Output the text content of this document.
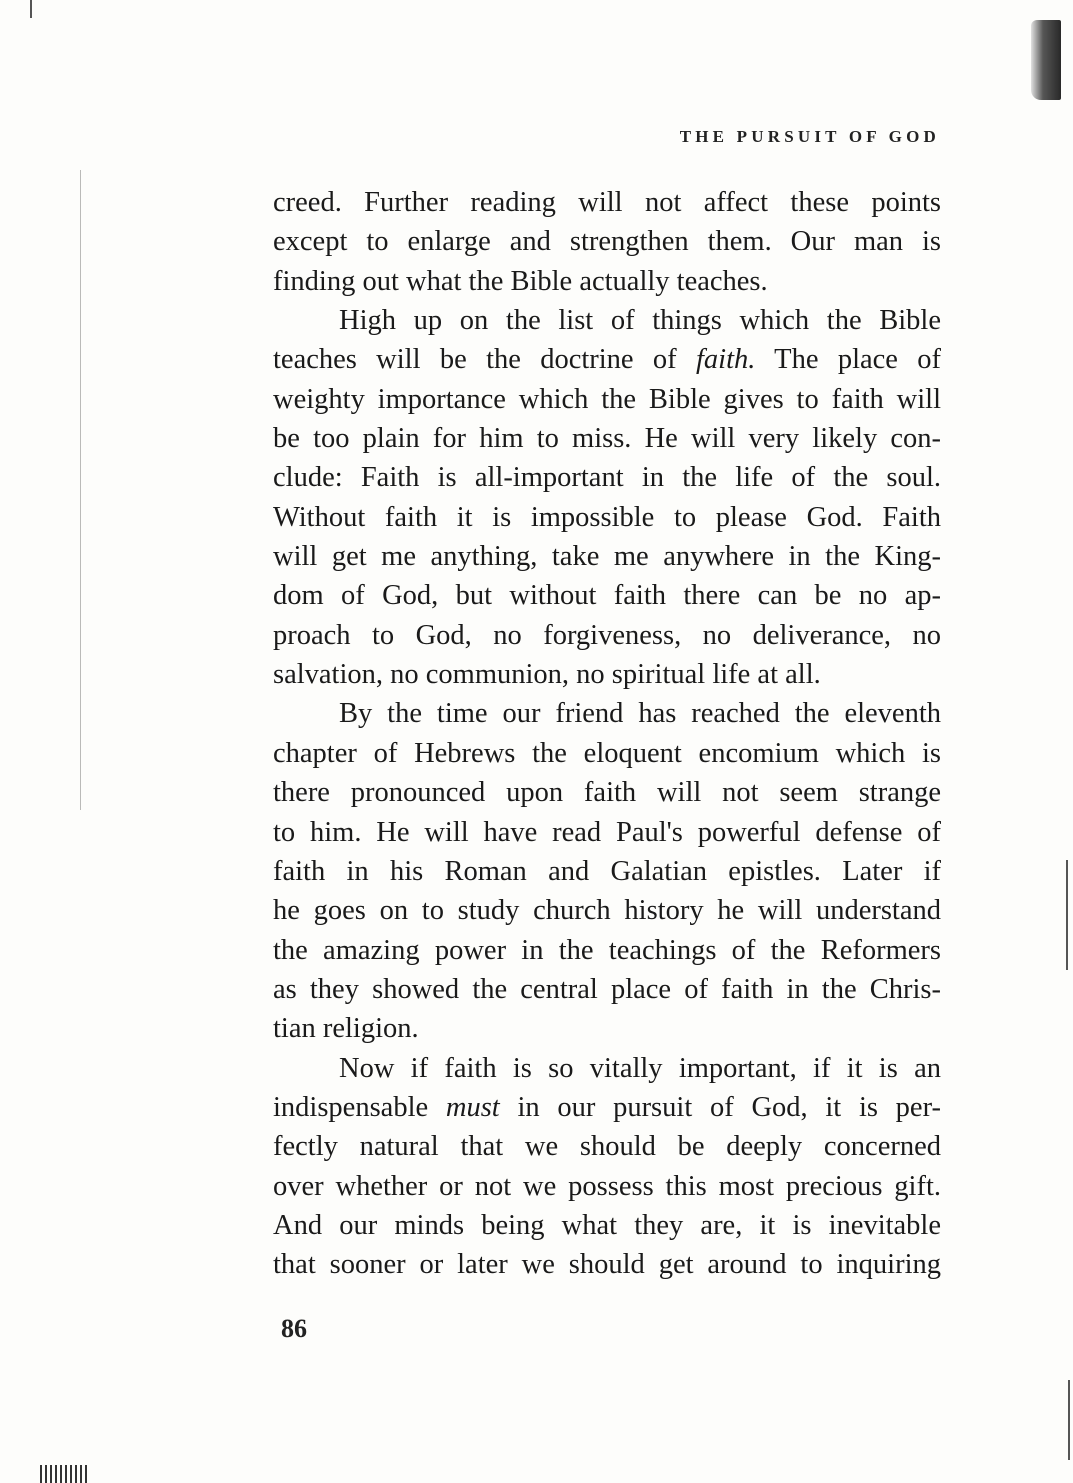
THE PURSUIT OF GOD
creed. Further reading will not affect these points
except to enlarge and strengthen them. Our man is
finding out what the Bible actually teaches.
High up on the list of things which the Bible
teaches will be the doctrine of faith. The place of
weighty importance which the Bible gives to faith will
be too plain for him to miss. He will very likely con-
clude: Faith is all-important in the life of the soul.
Without faith it is impossible to please God. Faith
will get me anything, take me anywhere in the King-
dom of God, but without faith there can be no ap-
proach to God, no forgiveness, no deliverance, no
salvation, no communion, no spiritual life at all.
By the time our friend has reached the eleventh
chapter of Hebrews the eloquent encomium which is
there pronounced upon faith will not seem strange
to him. He will have read Paul's powerful defense of
faith in his Roman and Galatian epistles. Later if
he goes on to study church history he will understand
the amazing power in the teachings of the Reformers
as they showed the central place of faith in the Chris-
tian religion.
Now if faith is so vitally important, if it is an
indispensable must in our pursuit of God, it is per-
fectly natural that we should be deeply concerned
over whether or not we possess this most precious gift.
And our minds being what they are, it is inevitable
that sooner or later we should get around to inquiring
86
